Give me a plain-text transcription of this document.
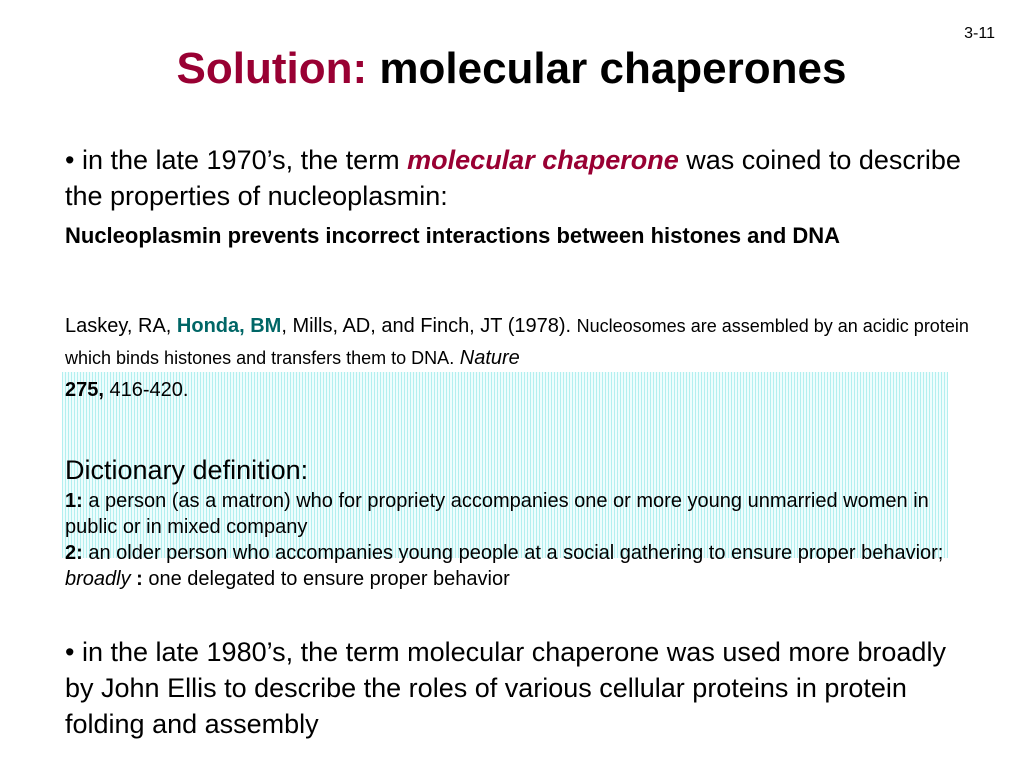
3-11
Solution: molecular chaperones
• in the late 1970’s, the term molecular chaperone was coined to describe the properties of nucleoplasmin:
Nucleoplasmin prevents incorrect interactions between histones and DNA
Laskey, RA, Honda, BM, Mills, AD, and Finch, JT (1978). Nucleosomes are assembled by an acidic protein which binds histones and transfers them to DNA. Nature
275, 416-420.
Dictionary definition:
1: a person (as a matron) who for propriety accompanies one or more young unmarried women in public or in mixed company
2: an older person who accompanies young people at a social gathering to ensure proper behavior; broadly : one delegated to ensure proper behavior
• in the late 1980’s, the term molecular chaperone was used more broadly by John Ellis to describe the roles of various cellular proteins in protein folding and assembly
